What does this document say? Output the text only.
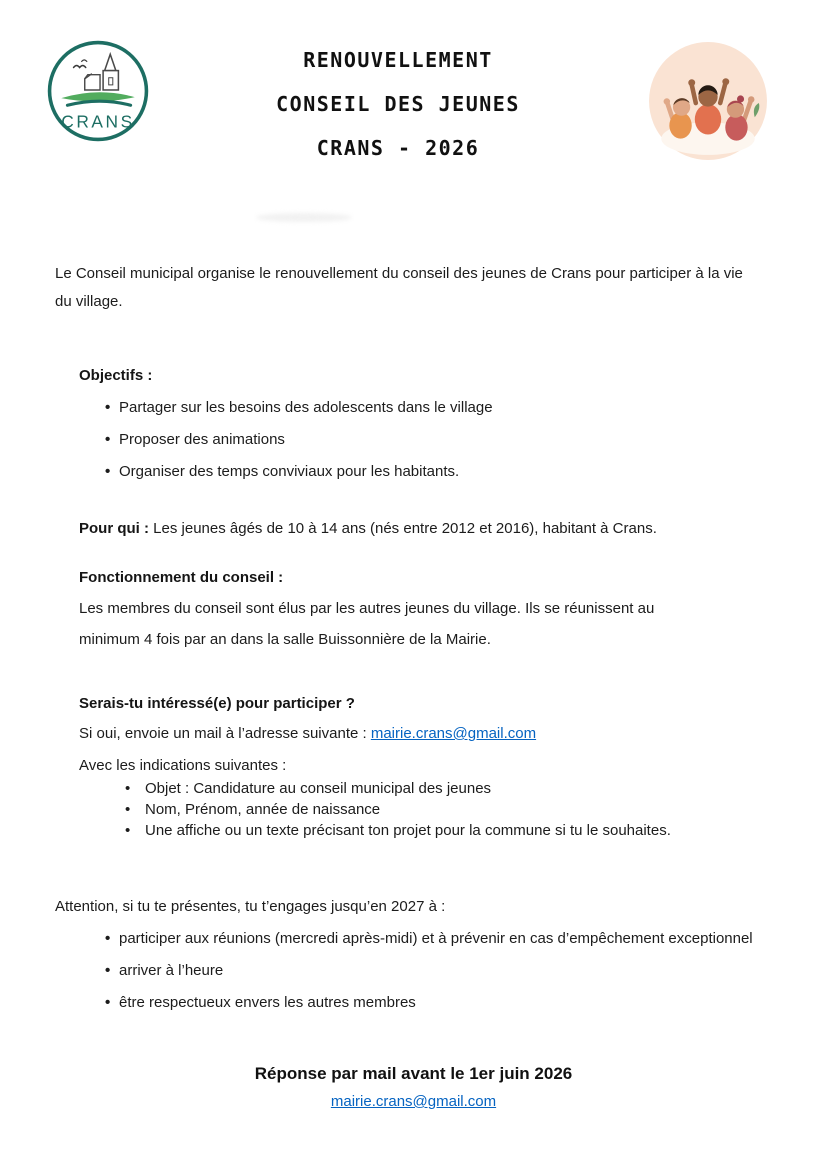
CRANS
RENOUVELLEMENT
CONSEIL DES JEUNES
CRANS - 2026

Le Conseil municipal organise le renouvellement du conseil des jeunes de Crans pour participer à la vie du village.

Objectifs :
• Partager sur les besoins des adolescents dans le village
• Proposer des animations
• Organiser des temps conviviaux pour les habitants.
Pour qui : Les jeunes âgés de 10 à 14 ans (nés entre 2012 et 2016), habitant à Crans.
Fonctionnement du conseil :
Les membres du conseil sont élus par les autres jeunes du village. Ils se réunissent au
minimum 4 fois par an dans la salle Buissonnière de la Mairie.
Serais-tu intéressé(e) pour participer ?
Si oui, envoie un mail à l’adresse suivante : mairie.crans@gmail.com
Avec les indications suivantes :
• Objet : Candidature au conseil municipal des jeunes
• Nom, Prénom, année de naissance
• Une affiche ou un texte précisant ton projet pour la commune si tu le souhaites.
Attention, si tu te présentes, tu t’engages jusqu’en 2027 à :
• participer aux réunions (mercredi après-midi) et à prévenir en cas d’empêchement exceptionnel
• arriver à l’heure
• être respectueux envers les autres membres
Réponse par mail avant le 1er juin 2026
mairie.crans@gmail.com
